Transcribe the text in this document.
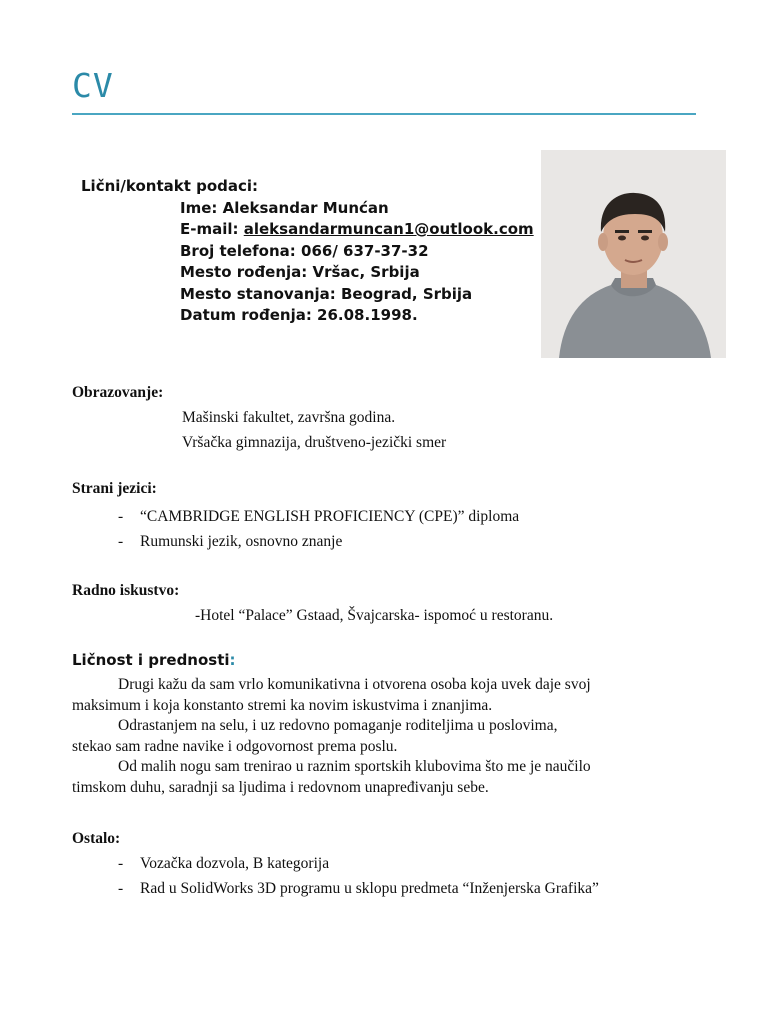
CV
Lični/kontakt podaci:
Ime: Aleksandar Munćan
E-mail: aleksandarmuncan1@outlook.com
Broj telefona: 066/ 637-37-32
Mesto rođenja: Vršac, Srbija
Mesto stanovanja: Beograd, Srbija
Datum rođenja: 26.08.1998.
Obrazovanje:
Mašinski fakultet, završna godina.
Vršačka gimnazija, društveno-jezički smer
Strani jezici:
- “CAMBRIDGE ENGLISH PROFICIENCY (CPE)” diploma
- Rumunski jezik, osnovno znanje
Radno iskustvo:
-Hotel “Palace” Gstaad, Švajcarska- ispomoć u restoranu.
Ličnost i prednosti:
Drugi kažu da sam vrlo komunikativna i otvorena osoba koja uvek daje svoj
maksimum i koja konstanto stremi ka novim iskustvima i znanjima.
Odrastanjem na selu, i uz redovno pomaganje roditeljima u poslovima,
stekao sam radne navike i odgovornost prema poslu.
Od malih nogu sam trenirao u raznim sportskih klubovima što me je naučilo
timskom duhu, saradnji sa ljudima i redovnom unapređivanju sebe.
Ostalo:
- Vozačka dozvola, B kategorija
- Rad u SolidWorks 3D programu u sklopu predmeta “Inženjerska Grafika”
